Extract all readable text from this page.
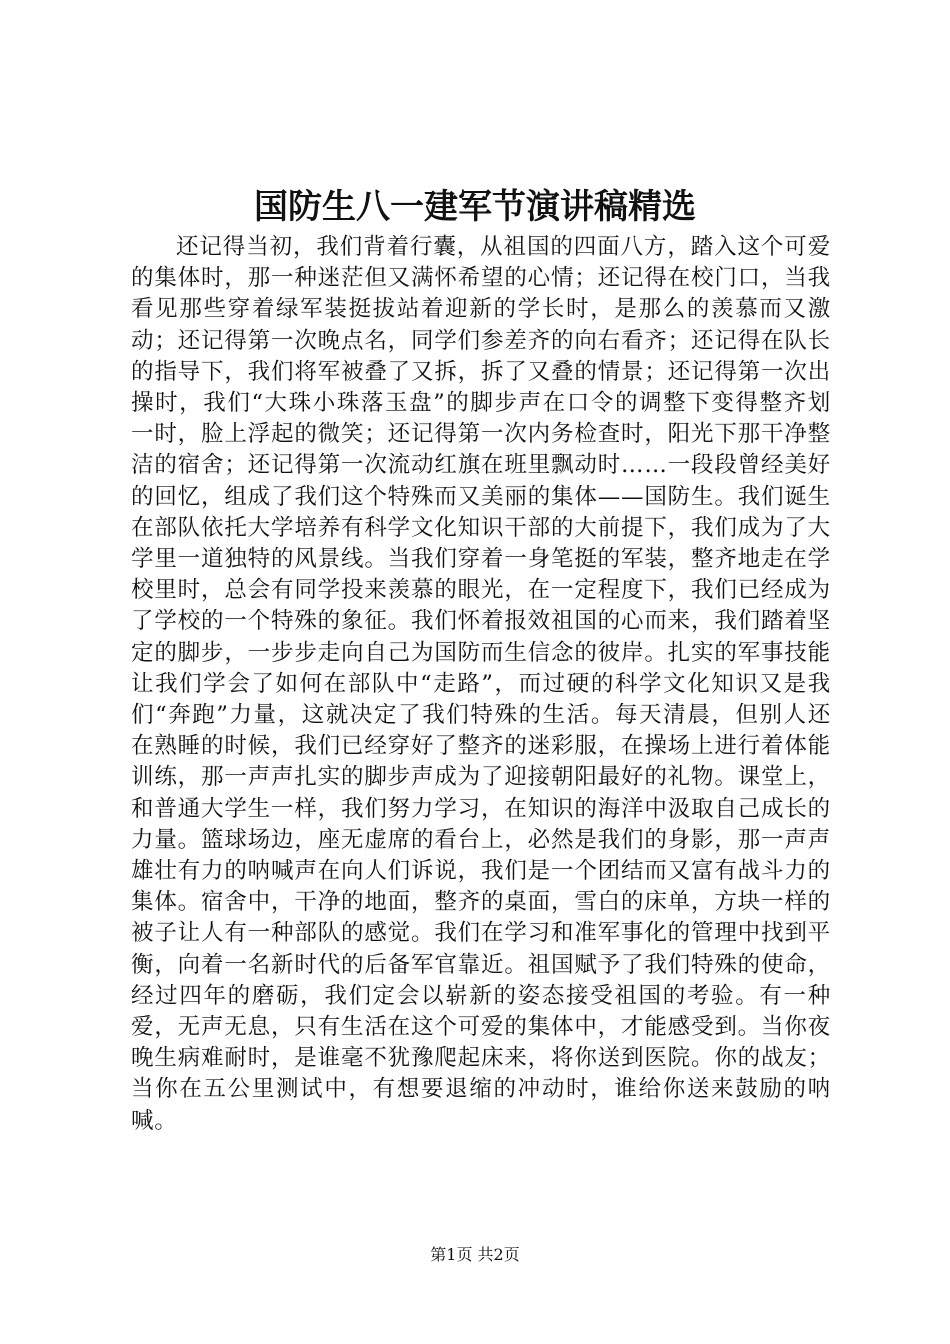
国防生八一建军节演讲稿精选

还记得当初，我们背着行囊，从祖国的四面八方，踏入这个可爱的集体时，那一种迷茫但又满怀希望的心情；还记得在校门口，当我看见那些穿着绿军装挺拔站着迎新的学长时，是那么的羡慕而又激动；还记得第一次晚点名，同学们参差齐的向右看齐；还记得在队长的指导下，我们将军被叠了又拆，拆了又叠的情景；还记得第一次出操时，我们“大珠小珠落玉盘”的脚步声在口令的调整下变得整齐划一时，脸上浮起的微笑；还记得第一次内务检查时，阳光下那干净整洁的宿舍；还记得第一次流动红旗在班里飘动时……一段段曾经美好的回忆，组成了我们这个特殊而又美丽的集体——国防生。我们诞生在部队依托大学培养有科学文化知识干部的大前提下，我们成为了大学里一道独特的风景线。当我们穿着一身笔挺的军装，整齐地走在学校里时，总会有同学投来羡慕的眼光，在一定程度下，我们已经成为了学校的一个特殊的象征。我们怀着报效祖国的心而来，我们踏着坚定的脚步，一步步走向自己为国防而生信念的彼岸。扎实的军事技能让我们学会了如何在部队中“走路”，而过硬的科学文化知识又是我们“奔跑”力量，这就决定了我们特殊的生活。每天清晨，但别人还在熟睡的时候，我们已经穿好了整齐的迷彩服，在操场上进行着体能训练，那一声声扎实的脚步声成为了迎接朝阳最好的礼物。课堂上，和普通大学生一样，我们努力学习，在知识的海洋中汲取自己成长的力量。篮球场边，座无虚席的看台上，必然是我们的身影，那一声声雄壮有力的呐喊声在向人们诉说，我们是一个团结而又富有战斗力的集体。宿舍中，干净的地面，整齐的桌面，雪白的床单，方块一样的被子让人有一种部队的感觉。我们在学习和准军事化的管理中找到平衡，向着一名新时代的后备军官靠近。祖国赋予了我们特殊的使命，经过四年的磨砺，我们定会以崭新的姿态接受祖国的考验。有一种爱，无声无息，只有生活在这个可爱的集体中，才能感受到。当你夜晚生病难耐时，是谁毫不犹豫爬起床来，将你送到医院。你的战友；当你在五公里测试中，有想要退缩的冲动时，谁给你送来鼓励的呐喊。

第1页 共2页
